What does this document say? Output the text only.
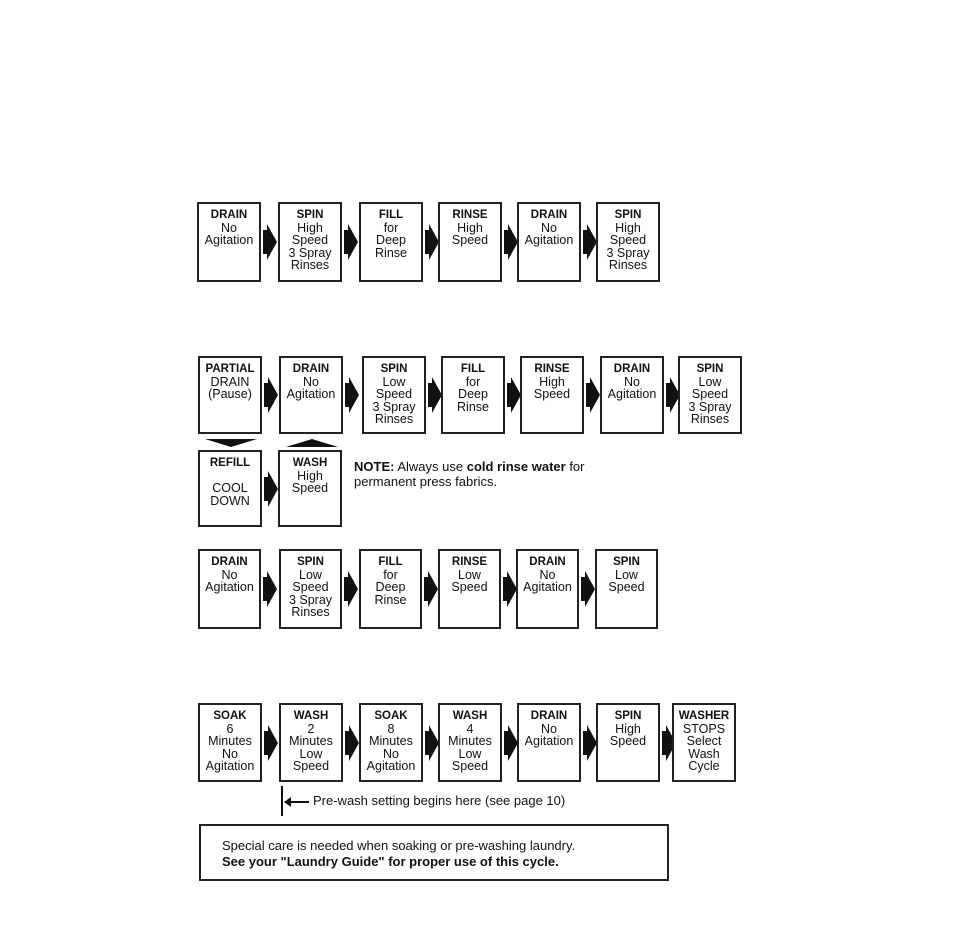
DRAIN
No
Agitation
SPIN
High
Speed
3 Spray
Rinses
FILL
for
Deep
Rinse
RINSE
High
Speed
DRAIN
No
Agitation
SPIN
High
Speed
3 Spray
Rinses
PARTIAL
DRAIN
(Pause)
DRAIN
No
Agitation
SPIN
Low
Speed
3 Spray
Rinses
FILL
for
Deep
Rinse
RINSE
High
Speed
DRAIN
No
Agitation
SPIN
Low
Speed
3 Spray
Rinses
REFILL
COOL
DOWN
WASH
High
Speed
DRAIN
No
Agitation
SPIN
Low
Speed
3 Spray
Rinses
FILL
for
Deep
Rinse
RINSE
Low
Speed
DRAIN
No
Agitation
SPIN
Low
Speed
SOAK
6
Minutes
No
Agitation
WASH
2
Minutes
Low
Speed
SOAK
8
Minutes
No
Agitation
WASH
4
Minutes
Low
Speed
DRAIN
No
Agitation
SPIN
High
Speed
WASHER
STOPS
Select
Wash
Cycle
NOTE: Always use cold rinse water for permanent press fabrics.
Pre-wash setting begins here (see page 10)
Special care is needed when soaking or pre-washing laundry.
See your "Laundry Guide" for proper use of this cycle.
